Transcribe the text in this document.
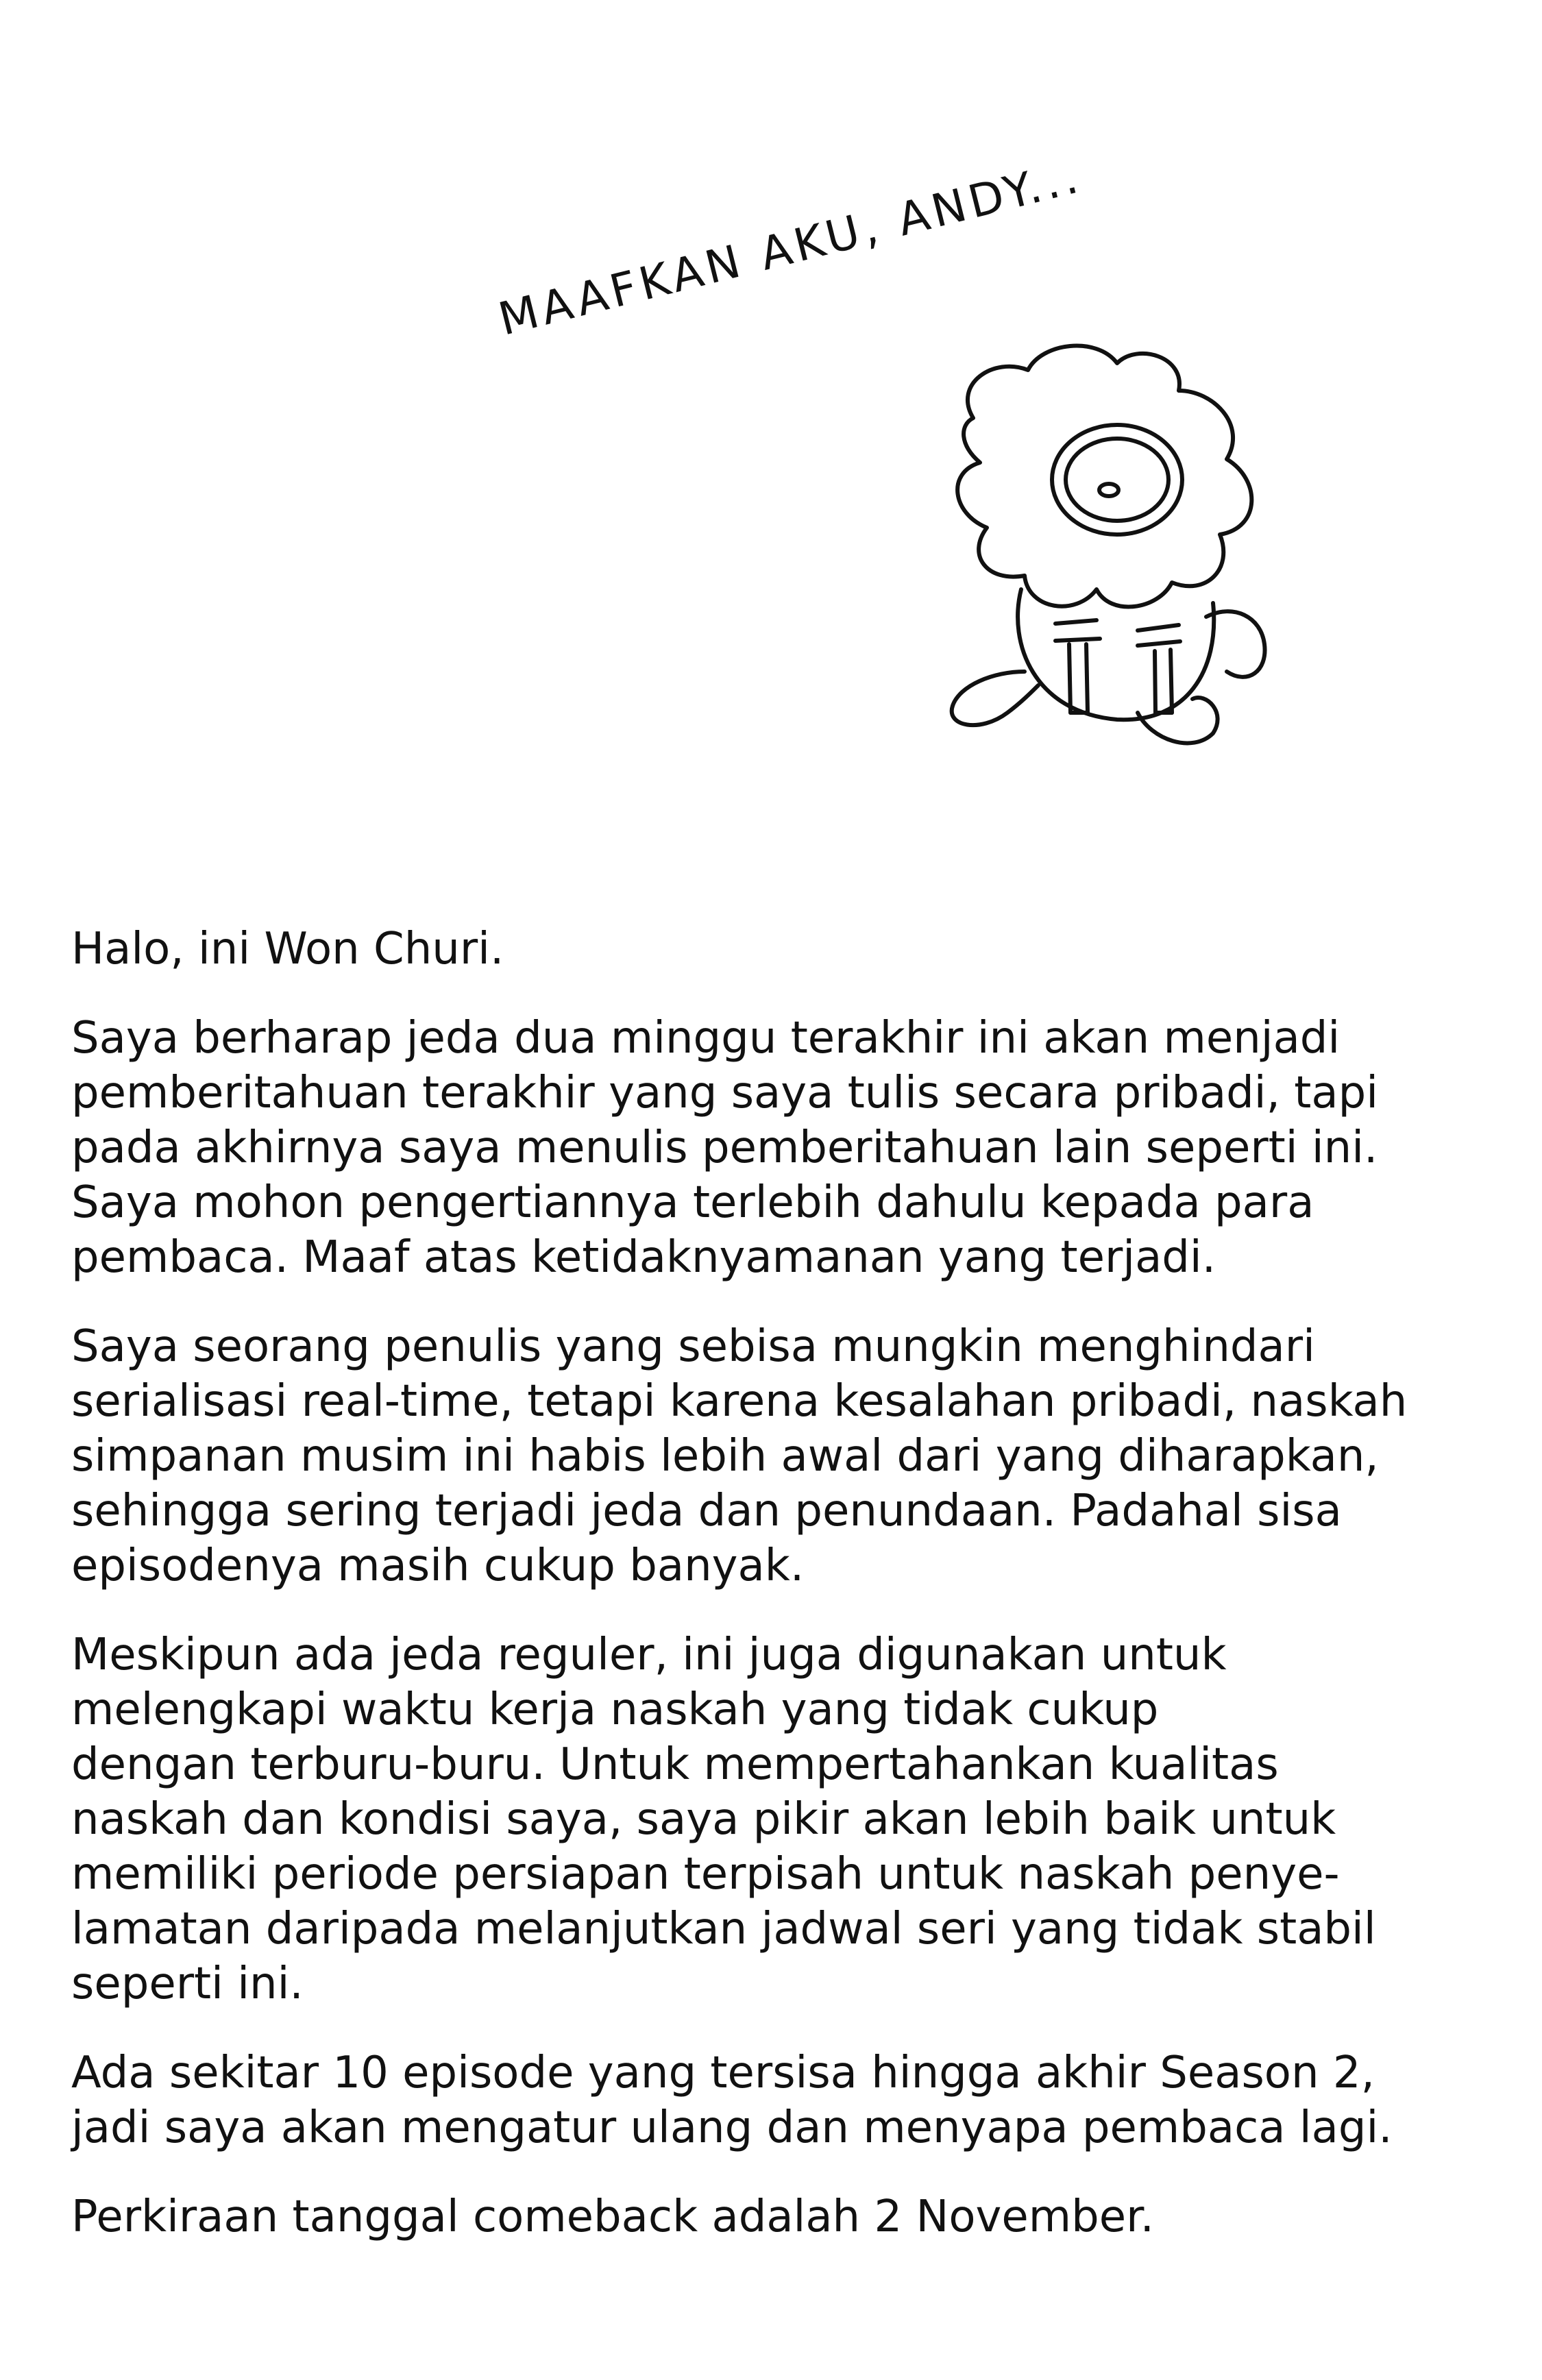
MAAFKAN AKU, ANDY...

Halo, ini Won Churi.

Saya berharap jeda dua minggu terakhir ini akan menjadi
pemberitahuan terakhir yang saya tulis secara pribadi, tapi
pada akhirnya saya menulis pemberitahuan lain seperti ini.
Saya mohon pengertiannya terlebih dahulu kepada para
pembaca. Maaf atas ketidaknyamanan yang terjadi.

Saya seorang penulis yang sebisa mungkin menghindari
serialisasi real-time, tetapi karena kesalahan pribadi, naskah
simpanan musim ini habis lebih awal dari yang diharapkan,
sehingga sering terjadi jeda dan penundaan. Padahal sisa
episodenya masih cukup banyak.

Meskipun ada jeda reguler, ini juga digunakan untuk
melengkapi waktu kerja naskah yang tidak cukup
dengan terburu-buru. Untuk mempertahankan kualitas
naskah dan kondisi saya, saya pikir akan lebih baik untuk
memiliki periode persiapan terpisah untuk naskah penye-
lamatan daripada melanjutkan jadwal seri yang tidak stabil
seperti ini.

Ada sekitar 10 episode yang tersisa hingga akhir Season 2,
jadi saya akan mengatur ulang dan menyapa pembaca lagi.

Perkiraan tanggal comeback adalah 2 November.
